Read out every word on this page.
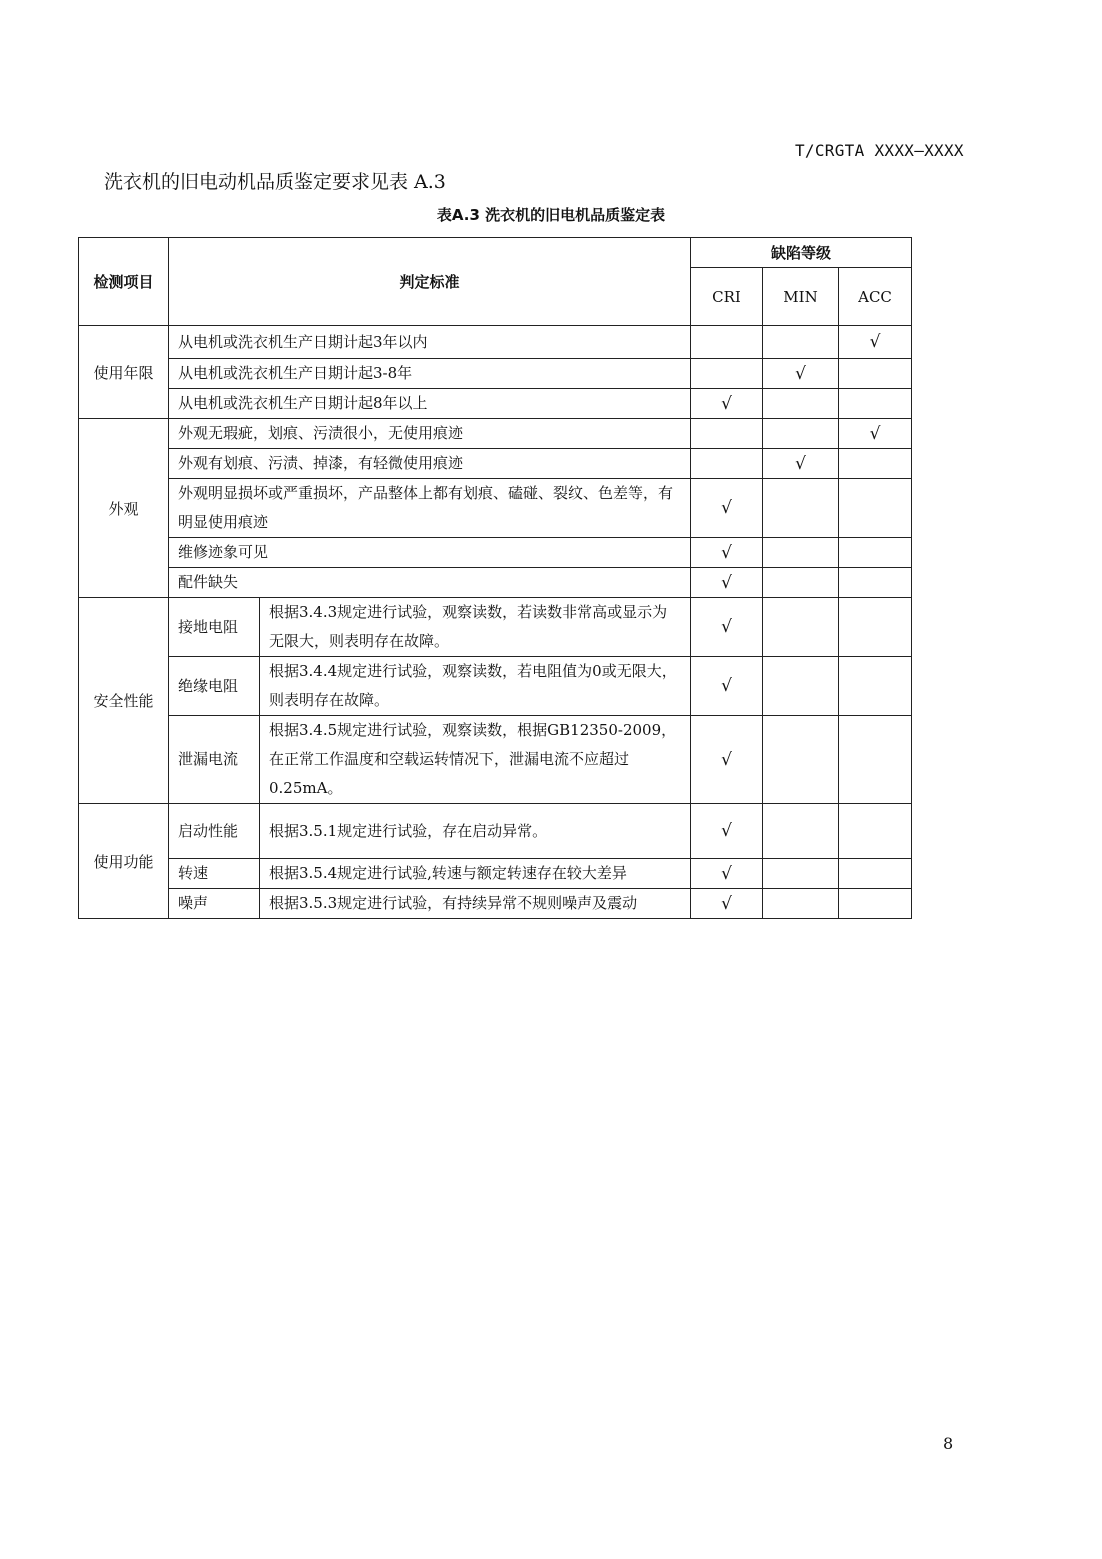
T/CRGTA XXXX—XXXX
洗衣机的旧电动机品质鉴定要求见表 A.3
表A.3 洗衣机的旧电机品质鉴定表
检测项目	判定标准		缺陷等级		
			CRI	MIN	ACC
使用年限	从电机或洗衣机生产日期计起3年以内				√
	从电机或洗衣机生产日期计起3-8年			√	
	从电机或洗衣机生产日期计起8年以上		√		
外观	外观无瑕疵，划痕、污渍很小，无使用痕迹				√
	外观有划痕、污渍、掉漆，有轻微使用痕迹			√	
	外观明显损坏或严重损坏，产品整体上都有划痕、磕碰、裂纹、色差等，有明显使用痕迹		√		
	维修迹象可见		√		
	配件缺失		√		
安全性能	接地电阻	根据3.4.3规定进行试验，观察读数，若读数非常高或显示为无限大，则表明存在故障。	√		
	绝缘电阻	根据3.4.4规定进行试验，观察读数，若电阻值为0或无限大，则表明存在故障。	√		
	泄漏电流	根据3.4.5规定进行试验，观察读数，根据GB12350-2009，在正常工作温度和空载运转情况下，泄漏电流不应超过0.25mA。	√		
使用功能	启动性能	根据3.5.1规定进行试验，存在启动异常。	√		
	转速	根据3.5.4规定进行试验,转速与额定转速存在较大差异	√		
	噪声	根据3.5.3规定进行试验，有持续异常不规则噪声及震动	√		
8
